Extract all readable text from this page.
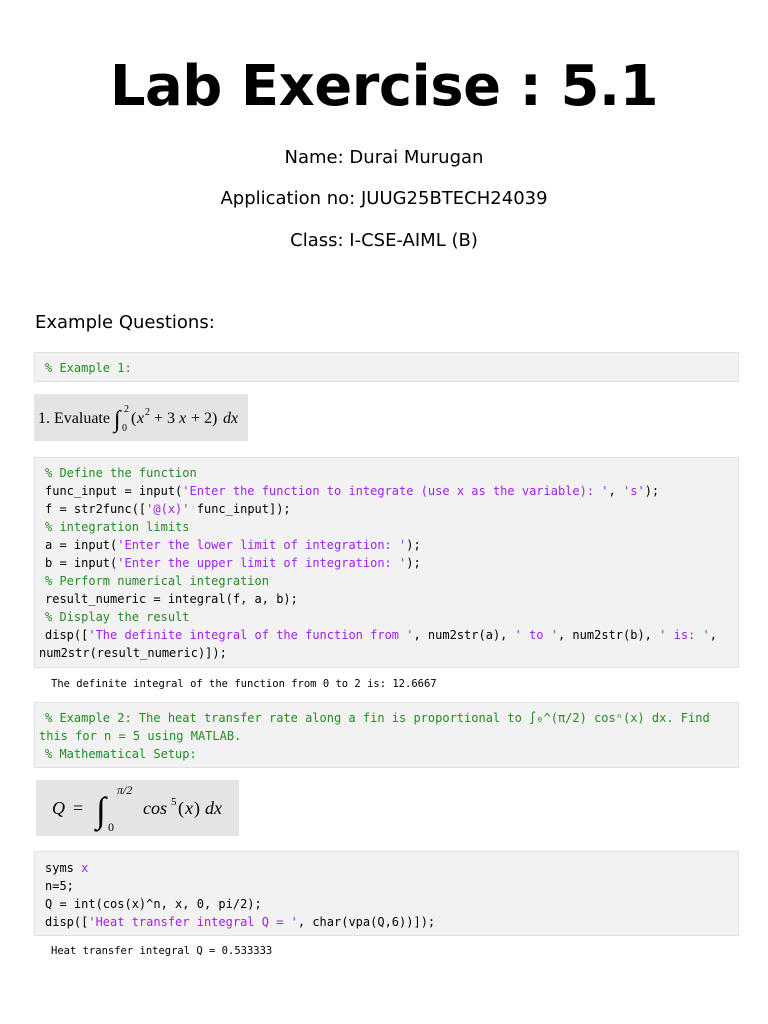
Lab Exercise : 5.1
Name: Durai Murugan
Application no: JUUG25BTECH24039
Class: I-CSE-AIML (B)
Example Questions:
% Example 1:
1. Evaluate ∫ 2
0
( x 2 + 3 x + 2) dx
% Define the function
func_input = input('Enter the function to integrate (use x as the variable): ', 's');
f = str2func(['@(x)' func_input]);
% integration limits
a = input('Enter the lower limit of integration: ');
b = input('Enter the upper limit of integration: ');
% Perform numerical integration
result_numeric = integral(f, a, b);
% Display the result
disp(['The definite integral of the function from ', num2str(a), ' to ', num2str(b), ' is: ',
num2str(result_numeric)]);
The definite integral of the function from 0 to 2 is: 12.6667
% Example 2: The heat transfer rate along a fin is proportional to ∫₀^(π/2) cosⁿ(x) dx. Find
this for n = 5 using MATLAB.
% Mathematical Setup:
Q = ∫ π/2
0
cos 5 ( x ) dx
syms x
n=5;
Q = int(cos(x)^n, x, 0, pi/2);
disp(['Heat transfer integral Q = ', char(vpa(Q,6))]);
Heat transfer integral Q = 0.533333
